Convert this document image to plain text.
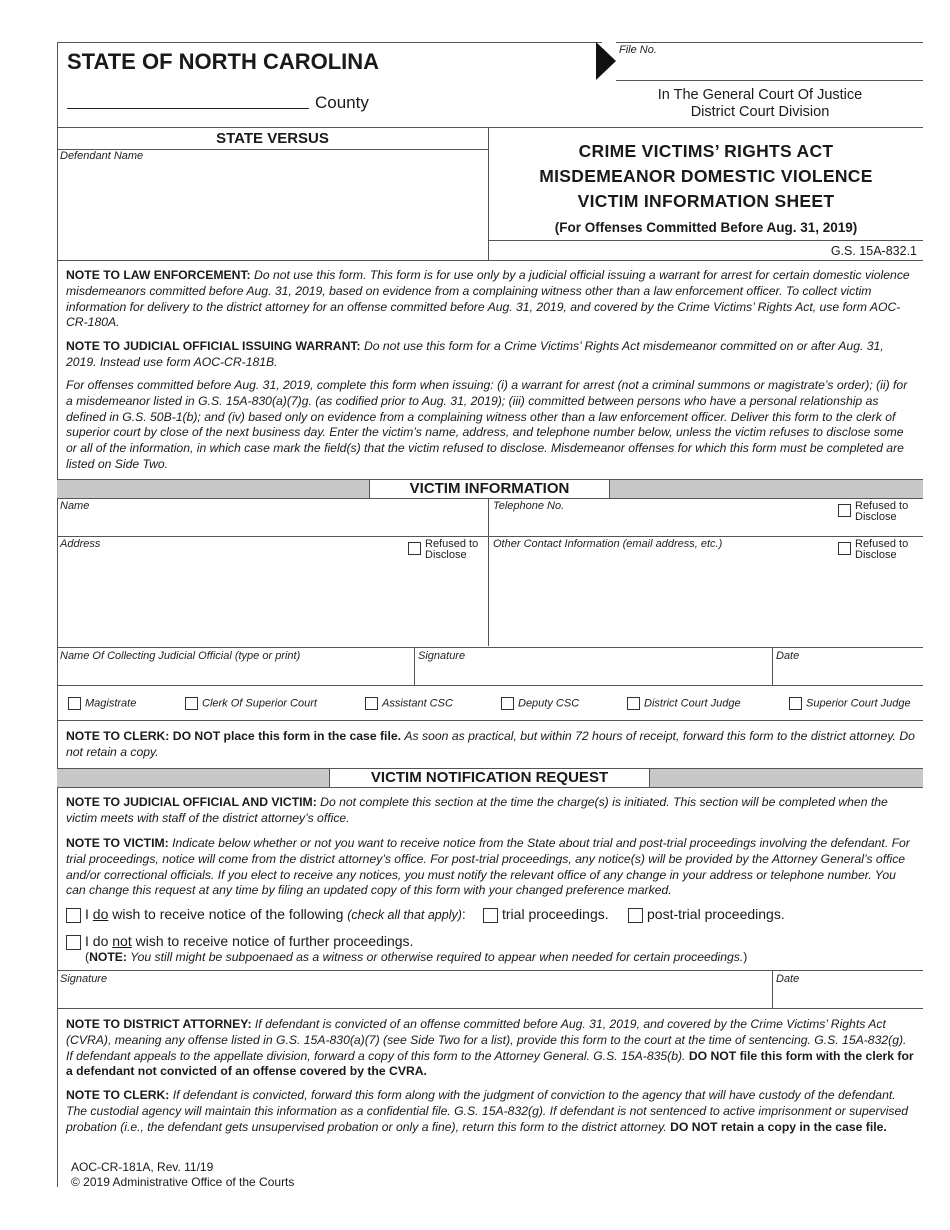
STATE OF NORTH CAROLINA
County
File No.
In The General Court Of Justice
District Court Division
STATE VERSUS
Defendant Name	CRIME VICTIMS’ RIGHTS ACT
MISDEMEANOR DOMESTIC VIOLENCE
VICTIM INFORMATION SHEET
(For Offenses Committed Before Aug. 31, 2019)
G.S. 15A-832.1
NOTE TO LAW ENFORCEMENT: Do not use this form. This form is for use only by a judicial official issuing a warrant for arrest for certain domestic violence misdemeanors committed before Aug. 31, 2019, based on evidence from a complaining witness other than a law enforcement officer. To collect victim information for delivery to the district attorney for an offense committed before Aug. 31, 2019, and covered by the Crime Victims’ Rights Act, use form AOC-CR-180A.
NOTE TO JUDICIAL OFFICIAL ISSUING WARRANT: Do not use this form for a Crime Victims’ Rights Act misdemeanor committed on or after Aug. 31, 2019. Instead use form AOC-CR-181B.
For offenses committed before Aug. 31, 2019, complete this form when issuing: (i) a warrant for arrest (not a criminal summons or magistrate’s order); (ii) for a misdemeanor listed in G.S. 15A-830(a)(7)g. (as codified prior to Aug. 31, 2019); (iii) committed between persons who have a personal relationship as defined in G.S. 50B-1(b); and (iv) based only on evidence from a complaining witness other than a law enforcement officer. Deliver this form to the clerk of superior court by close of the next business day. Enter the victim’s name, address, and telephone number below, unless the victim refuses to disclose some or all of the information, in which case mark the field(s) that the victim refused to disclose. Misdemeanor offenses for which this form must be completed are listed on Side Two.
VICTIM INFORMATION
Name	Telephone No.	Refused to
Disclose
Address	Refused to
Disclose
Other Contact Information (email address, etc.)	Refused to
Disclose
Name Of Collecting Judicial Official (type or print)	Signature	Date
Magistrate	Clerk Of Superior Court	Assistant CSC	Deputy CSC	District Court Judge	Superior Court Judge
NOTE TO CLERK: DO NOT place this form in the case file. As soon as practical, but within 72 hours of receipt, forward this form to the district attorney. Do not retain a copy.
VICTIM NOTIFICATION REQUEST
NOTE TO JUDICIAL OFFICIAL AND VICTIM: Do not complete this section at the time the charge(s) is initiated. This section will be completed when the victim meets with staff of the district attorney’s office.
NOTE TO VICTIM: Indicate below whether or not you want to receive notice from the State about trial and post-trial proceedings involving the defendant. For trial proceedings, notice will come from the district attorney’s office. For post-trial proceedings, any notice(s) will be provided by the Attorney General’s office and/or correctional officials. If you elect to receive any notices, you must notify the relevant office of any change in your address or telephone number. You can change this request at any time by filing an updated copy of this form with your changed preference marked.
I do wish to receive notice of the following (check all that apply):	trial proceedings.	post-trial proceedings.
I do not wish to receive notice of further proceedings.
(NOTE: You still might be subpoenaed as a witness or otherwise required to appear when needed for certain proceedings.)
Signature	Date
NOTE TO DISTRICT ATTORNEY: If defendant is convicted of an offense committed before Aug. 31, 2019, and covered by the Crime Victims’ Rights Act (CVRA), meaning any offense listed in G.S. 15A-830(a)(7) (see Side Two for a list), provide this form to the court at the time of sentencing. G.S. 15A-832(g). If defendant appeals to the appellate division, forward a copy of this form to the Attorney General. G.S. 15A-835(b). DO NOT file this form with the clerk for a defendant not convicted of an offense covered by the CVRA.
NOTE TO CLERK: If defendant is convicted, forward this form along with the judgment of conviction to the agency that will have custody of the defendant. The custodial agency will maintain this information as a confidential file. G.S. 15A-832(g). If defendant is not sentenced to active imprisonment or supervised probation (i.e., the defendant gets unsupervised probation or only a fine), return this form to the district attorney. DO NOT retain a copy in the case file.
AOC-CR-181A, Rev. 11/19
© 2019 Administrative Office of the Courts
